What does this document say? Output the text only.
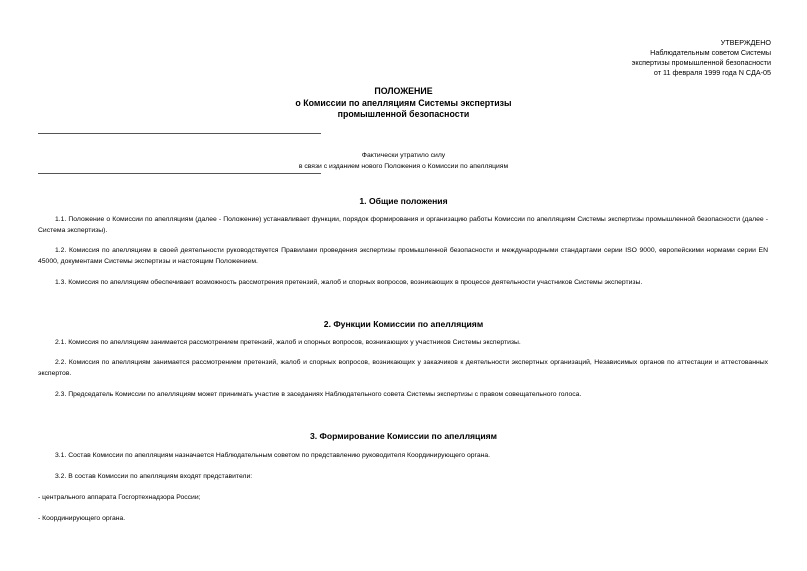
УТВЕРЖДЕНО
Наблюдательным советом Системы
экспертизы промышленной безопасности
от 11 февраля 1999 года N СДА-05
ПОЛОЖЕНИЕ
о Комиссии по апелляциям Системы экспертизы
промышленной безопасности
Фактически утратило силу
в связи с изданием нового Положения о Комиссии по апелляциям
1. Общие положения
1.1. Положение о Комиссии по апелляциям (далее - Положение) устанавливает функции, порядок формирования и организацию работы Комиссии по апелляциям Системы экспертизы промышленной безопасности (далее - Система экспертизы).
1.2. Комиссия по апелляциям в своей деятельности руководствуется Правилами проведения экспертизы промышленной безопасности и международными стандартами серии ISO 9000, европейскими нормами серии EN 45000, документами Системы экспертизы и настоящим Положением.
1.3. Комиссия по апелляциям обеспечивает возможность рассмотрения претензий, жалоб и спорных вопросов, возникающих в процессе деятельности участников Системы экспертизы.
2. Функции Комиссии по апелляциям
2.1. Комиссия по апелляциям занимается рассмотрением претензий, жалоб и спорных вопросов, возникающих у участников Системы экспертизы.
2.2. Комиссия по апелляциям занимается рассмотрением претензий, жалоб и спорных вопросов, возникающих у заказчиков к деятельности экспертных организаций, Независимых органов по аттестации и аттестованных экспертов.
2.3. Председатель Комиссии по апелляциям может принимать участие в заседаниях Наблюдательного совета Системы экспертизы с правом совещательного голоса.
3. Формирование Комиссии по апелляциям
3.1. Состав Комиссии по апелляциям назначается Наблюдательным советом по представлению руководителя Координирующего органа.
3.2. В состав Комиссии по апелляциям входят представители:
- центрального аппарата Госгортехнадзора России;
- Координирующего органа.
